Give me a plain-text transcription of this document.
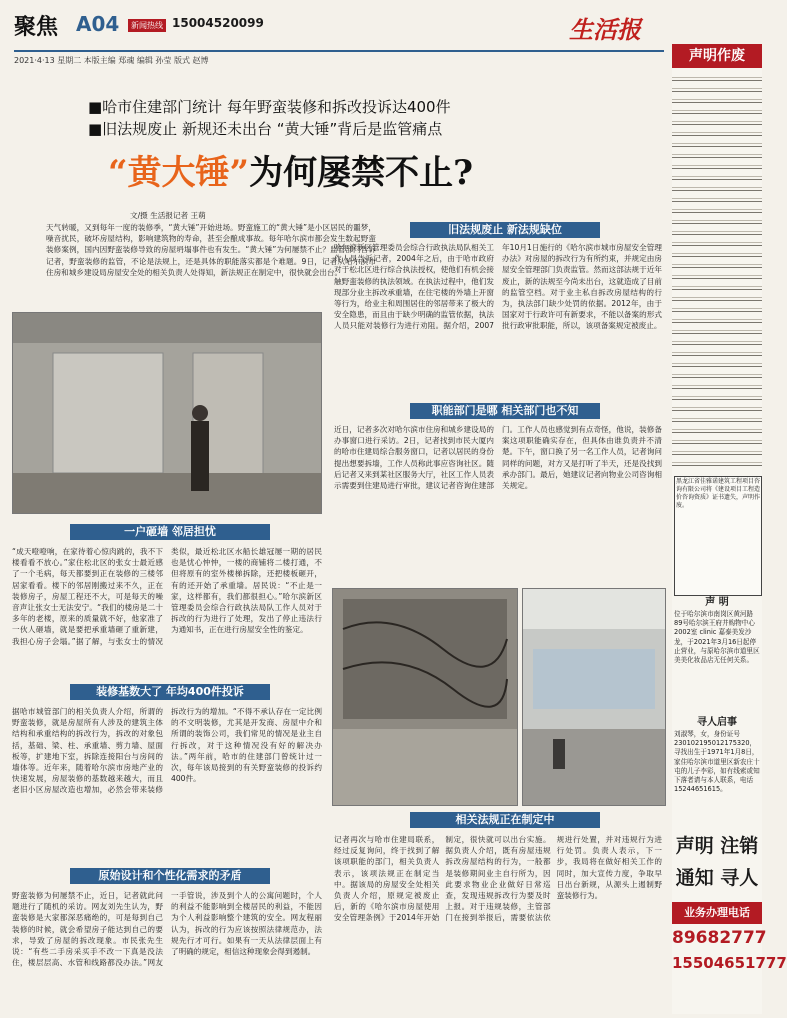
聚焦 A04	新闻热线 15004520099	生活报
2021·4·13 星期二 本版主编 郑魂 编辑 孙莹 版式 赵博	声明作废
黑龙江省佳雅诺建筑工程项目咨询有限公司将《建设项目工程造价咨询资质》证书遗失，声明作废。
声 明
位于哈尔滨市南岗区黄河路89号哈尔滨王府井购物中心2002室 clinic 嘉泰美发沙龙，于2021年3月16日起停止营业，与原哈尔滨市道里区美美化妆品店无任何关系。
寻人启事
刘淑琴，女，身份证号230102195012175320，寻找出生于1971年1月8日，家住哈尔滨市道里区新农庄十屯的儿子李彩，如有线索或知下落者请与本人联系，电话15244651615。
声明 注销
通知 寻人
业务办理电话
89682777
15504651777
■哈市住建部门统计 每年野蛮装修和拆改投诉达400件
■旧法规废止 新规还未出台 “黄大锤”背后是监管痛点
“黄大锤”为何屡禁不止?
文/摄 生活报记者 王萌
天气转暖，又到每年一度的装修季，“黄大锤”开始进场。野蛮施工的“黄大锤”是小区居民的噩梦，噪音扰民，破坏房屋结构，影响建筑物的寿命，甚至会酿成事故。每年哈尔滨市都会发生数起野蛮装修案例，国内因野蛮装修导致的房屋坍塌事件也有发生。“黄大锤”为何屡禁不止？监管部门告诉记者，野蛮装修的监管，不论是法规上，还是具体的职能落实都是个难题。9日，记者从哈尔滨市住房和城乡建设局房屋安全处的相关负责人处得知，新法规正在制定中，很快就会出台。
一户砸墙 邻居担忧
“成天噔噔响，在家待着心惊肉跳的，我不下楼看看不放心。”家住松北区的张女士最近感了一个毛病，每天都要到正在装修的三楼邻居家看看。楼下的邻居刚搬过来不久，正在装修房子，房屋工程还不大，可是每天的噪音声让张女士无法安宁。“我们的楼房是二十多年的老楼，原来的质量就不好，他家准了一伙人砸墙，就是要把承重墙砸了重新建，我担心房子会塌。”据了解，与张女士的情况类似，最近松北区水船长雄冠屡一期的居民也是忧心忡忡，一楼的商铺将二楼打通，不但将原有的室外楼梯拆除，还把楼板砸开，有的还开始了承重墙。居民说：“不止是一家，这样都有，我们都很担心。”哈尔滨新区管理委员会综合行政执法局队工作人员对于拆改的行为进行了处理，发出了停止违法行为通知书，正在进行房屋安全性的鉴定。
装修基数大了 年均400件投诉
据哈市城管部门的相关负责人介绍，所谓的野蛮装修，就是房屋所有人涉及的建筑主体结构和承重结构的拆改行为，拆改的对象包括，基础、梁、柱、承重墙、剪力墙、屋面板等，扩建地下室，拆除连接阳台与房间的墙体等。近年来，随着哈尔滨市房地产业的快速发展，房屋装修的基数越来越大，而且老旧小区房屋改造也增加，必然会带来装修拆改行为的增加。“不得不承认存在一定比例的不文明装修，尤其是开发商、房屋中介和所谓的装饰公司，我们常见的情况是业主自行拆改，对于这种情况没有好的解决办法。”两年前，哈市的住建部门曾统计过一次，每年该局接到的有关野蛮装修的投诉约400件。
原始设计和个性化需求的矛盾
野蛮装修为何屡禁不止，近日，记者就此问题进行了随机的采访。网友刘先生认为，野蛮装修是大家都深恶痛绝的，可是每到自己装修的时候，就会希望房子能达到自己的要求，导致了房屋的拆改现象。市民张先生说：“有些二手房采买手不改一下真是没法住，楼层层高、水管和线路都没办法。”网友一手管说，涉及到个人的公寓问题时，个人的利益不能影响到全楼居民的利益，不能因为个人利益影响整个建筑的安全。网友程丽认为，拆改的行为应该按照法律规范办，法规先行才可行。如果有一天从法律层面上有了明确的规定，相信这种现象会得到遏制。
旧法规废止 新法规缺位
哈尔滨新区管理委员会综合行政执法局队相关工作人员告诉记者，2004年之后，由于哈市政府对于松北区进行综合执法授权，使他们有机会接触野蛮装修的执法领域。在执法过程中，他们发现部分业主拆改承重墙，在住宅楼的外墙上开窗等行为，给业主和周围居住的邻居带来了极大的安全隐患，而且由于缺少明确的监管依据，执法人员只能对装修行为进行劝阻。据介绍，2007年10月1日施行的《哈尔滨市城市房屋安全管理办法》对房屋的拆改行为有所约束，并规定由房屋安全管理部门负责监管。然而这部法规于近年废止，新的法规至今尚未出台，这就造成了目前的监管空档。对于业主私自拆改房屋结构的行为，执法部门缺少处罚的依据。2012年，由于国家对于行政许可有新要求，不能以备案的形式批行政审批职能，所以，该项备案规定被废止。
职能部门是哪 相关部门也不知
近日，记者多次对哈尔滨市住房和城乡建设局的办事窗口进行采访。2日，记者找到市民大厦内的哈市住建局综合服务窗口，记者以居民的身份提出想要拆墙，工作人员称此事应咨询社区。随后记者又来到某社区服务大厅，社区工作人员表示需要到住建局进行审批，建议记者咨询住建部门。工作人员也感觉到有点奇怪，他说，装修备案这项职能确实存在，但具体由谁负责并不清楚。下午，窗口换了另一名工作人员，记者询问同样的问题，对方又是打听了半天，还是没找到承办部门。最后，她建议记者向物业公司咨询相关规定。
相关法规正在制定中
记者再次与哈市住建局联系，经过反复询问，终于找到了解该项职能的部门，相关负责人表示，该项法规正在制定当中。据该局的房屋安全处相关负责人介绍，原规定被废止后，新的《哈尔滨市房屋使用安全管理条例》于2014年开始制定，很快就可以出台实施。据负责人介绍，既有房屋违规拆改房屋结构的行为，一般都是装修期间业主自行所为，因此要求物业企业做好日常巡查，发现违规拆改行为要及时上报。对于违规装修，主管部门在接到举报后，需要依法依规进行处置，并对违规行为进行处罚。负责人表示，下一步，我局将在做好相关工作的同时，加大宣传力度，争取早日出台新规，从源头上遏制野蛮装修行为。
